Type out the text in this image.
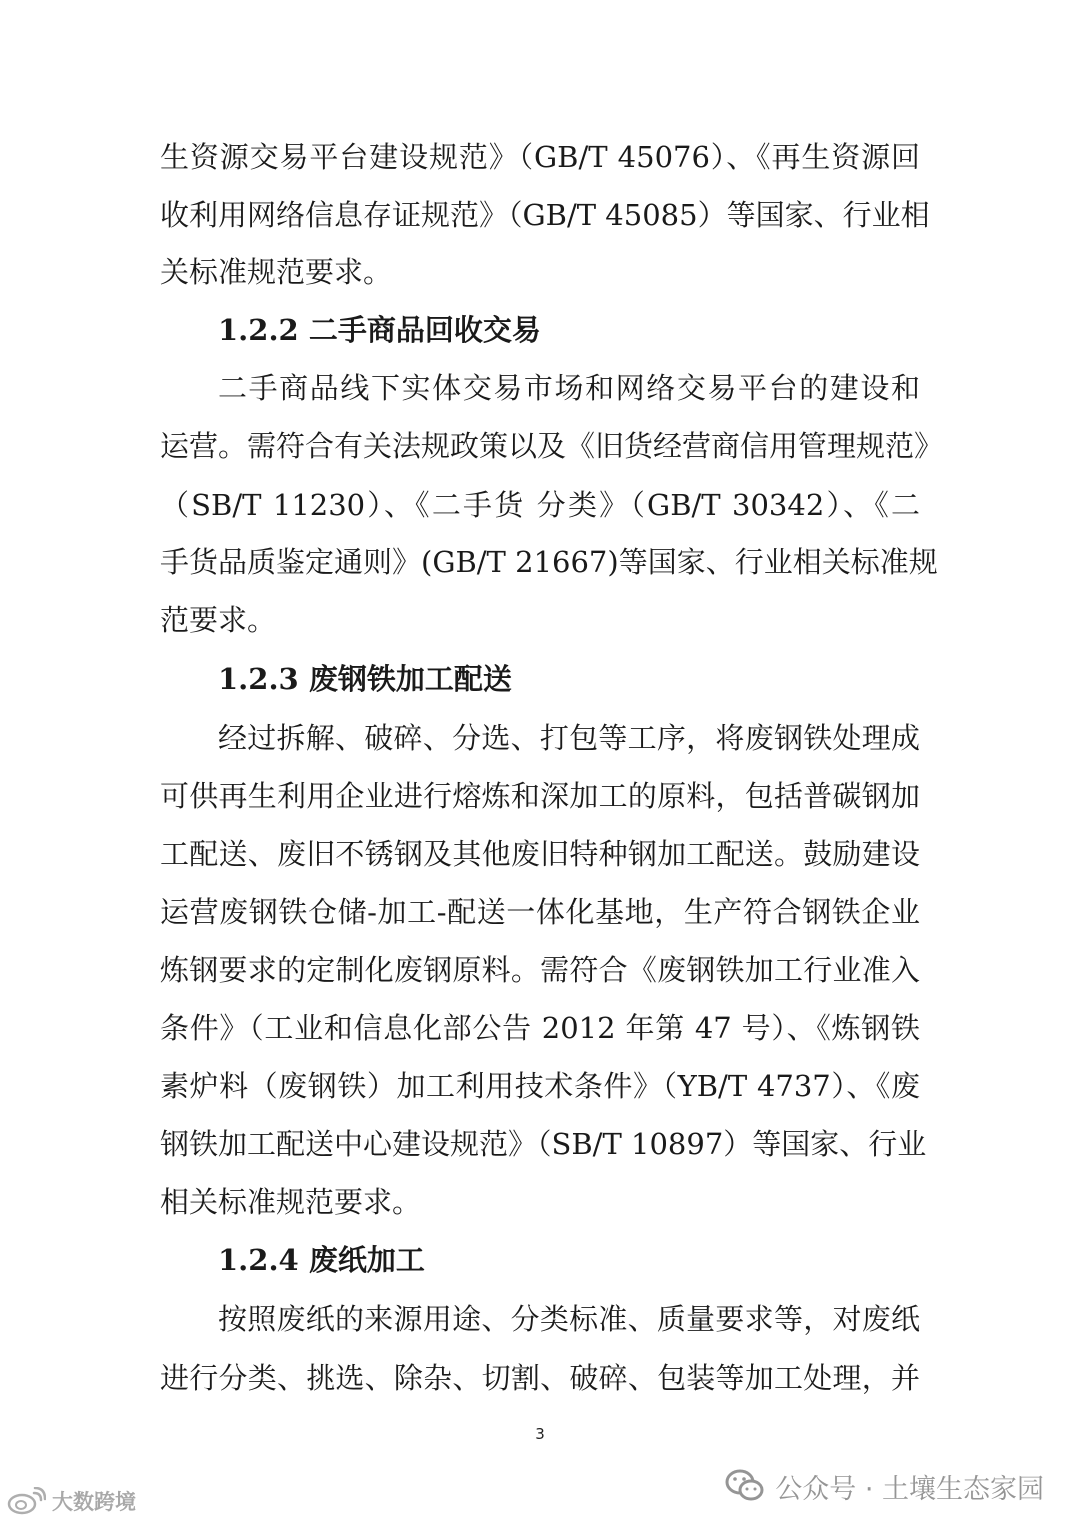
生资源交易平台建设规范》（GB/T 45076）、《再生资源回
收利用网络信息存证规范》（GB/T 45085）等国家、行业相
关标准规范要求。
1.2.2 二手商品回收交易
二手商品线下实体交易市场和网络交易平台的建设和
运营。需符合有关法规政策以及《旧货经营商信用管理规范》
（SB/T 11230）、《二手货 分类》（GB/T 30342）、《二
手货品质鉴定通则》(GB/T 21667)等国家、行业相关标准规
范要求。
1.2.3 废钢铁加工配送
经过拆解、破碎、分选、打包等工序，将废钢铁处理成
可供再生利用企业进行熔炼和深加工的原料，包括普碳钢加
工配送、废旧不锈钢及其他废旧特种钢加工配送。鼓励建设
运营废钢铁仓储-加工-配送一体化基地，生产符合钢铁企业
炼钢要求的定制化废钢原料。需符合《废钢铁加工行业准入
条件》（工业和信息化部公告 2012 年第 47 号）、《炼钢铁
素炉料（废钢铁）加工利用技术条件》（YB/T 4737）、《废
钢铁加工配送中心建设规范》（SB/T 10897）等国家、行业
相关标准规范要求。
1.2.4 废纸加工
按照废纸的来源用途、分类标准、质量要求等，对废纸
进行分类、挑选、除杂、切割、破碎、包装等加工处理，并
3
大数跨境	公众号 · 土壤生态家园
